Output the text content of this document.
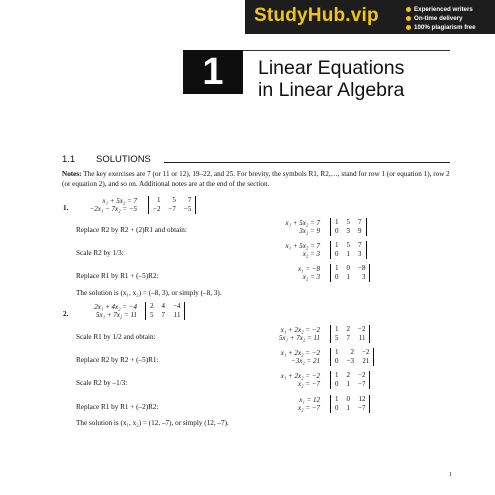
StudyHub.vip	Experienced writers
On-time delivery
100% plagiarism free
1	Linear Equations
in Linear Algebra
1.1 SOLUTIONS
Notes: The key exercises are 7 (or 11 or 12), 19–22, and 25. For brevity, the symbols R1, R2,…, stand for row 1 (or equation 1), row 2 (or equation 2), and so on. Additional notes are at the end of the section.
1.
x₁ + 5x₂ = 7
−2x₁ − 7x₂ = −5
1	5	7
−2	−7	−5
Replace R2 by R2 + (2)R1 and obtain:
x₁ + 5x₂ = 7
3x₂ = 9
1	5	7
0	3	9
Scale R2 by 1/3:
x₁ + 5x₂ = 7
x₂ = 3
1	5	7
0	1	3
Replace R1 by R1 + (–5)R2:
x₁ = −8
x₂ = 3
1	0	−8
0	1	3
The solution is (x₁, x₂) = (–8, 3), or simply (–8, 3).
2.
2x₁ + 4x₂ = −4
5x₁ + 7x₂ = 11
2	4	−4
5	7	11
Scale R1 by 1/2 and obtain:
x₁ + 2x₂ = −2
5x₁ + 7x₂ = 11
1	2	−2
5	7	11
Replace R2 by R2 + (–5)R1:
x₁ + 2x₂ = −2
−3x₂ = 21
1	2	−2
0	−3	21
Scale R2 by –1/3:
x₁ + 2x₂ = −2
x₂ = −7
1	2	−2
0	1	−7
Replace R1 by R1 + (–2)R2:
x₁ = 12
x₂ = −7
1	0	12
0	1	−7
The solution is (x₁, x₂) = (12, –7), or simply (12, –7).
1
